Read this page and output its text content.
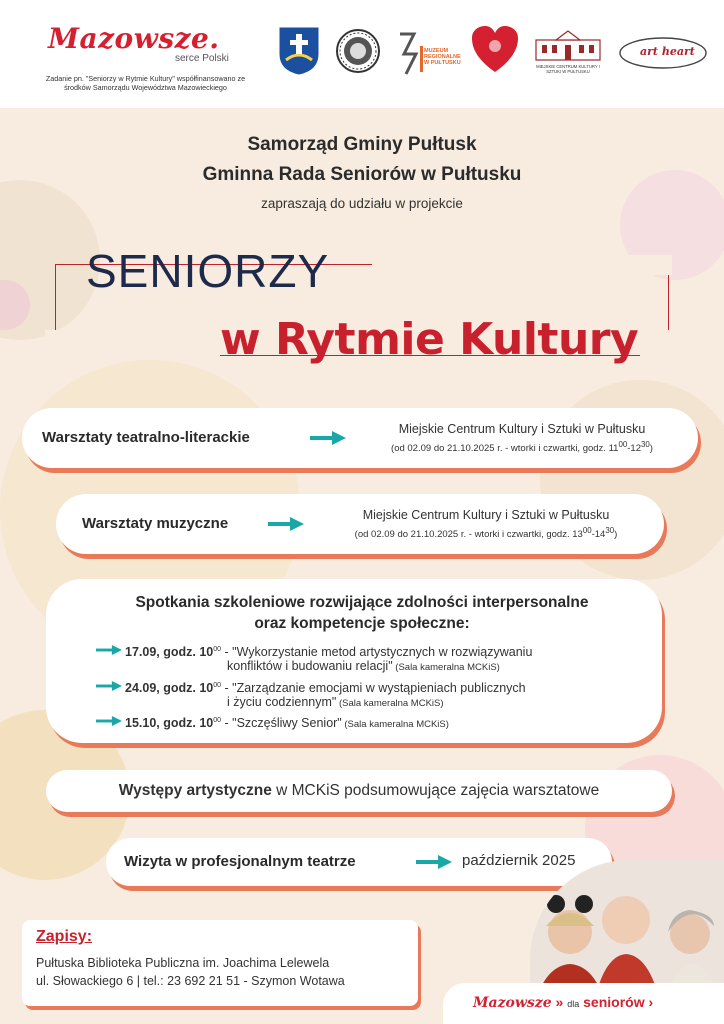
Mazowsze.
serce Polski
Zadanie pn. "Seniorzy w Rytmie Kultury" współfinansowano ze środków Samorządu Województwa Mazowieckiego
MUZEUM REGIONALNE W PUŁTUSKU
MIEJSKIE CENTRUM KULTURY I SZTUKI W PUŁTUSKU
art heart
Samorząd Gminy Pułtusk
Gminna Rada Seniorów w Pułtusku
zapraszają do udziału w projekcie
SENIORZY
w Rytmie Kultury
Warsztaty teatralno-literackie	Miejskie Centrum Kultury i Sztuki w Pułtusku
(od 02.09 do 21.10.2025 r. - wtorki i czwartki, godz. $11^{00}-12^{30}$)
Warsztaty muzyczne	Miejskie Centrum Kultury i Sztuki w Pułtusku
(od 02.09 do 21.10.2025 r. - wtorki i czwartki, godz. $13^{00}-14^{30}$)
Spotkania szkoleniowe rozwijające zdolności interpersonalne
oraz kompetencje społeczne:
17.09, godz. $10^{00}$ - "Wykorzystanie metod artystycznych w rozwiązywaniu
konfliktów i budowaniu relacji" (Sala kameralna MCKiS)
24.09, godz. $10^{00}$ - "Zarządzanie emocjami w wystąpieniach publicznych
i życiu codziennym" (Sala kameralna MCKiS)
15.10, godz. $10^{00}$ - "Szczęśliwy Senior" (Sala kameralna MCKiS)
Występy artystyczne w MCKiS podsumowujące zajęcia warsztatowe
Wizyta w profesjonalnym teatrze	październik 2025
Zapisy:
Pułtuska Biblioteka Publiczna im. Joachima Lelewela
ul. Słowackiego 6 | tel.: 23 692 21 51 - Szymon Wotawa
Mazowsze » dla seniorów ›
